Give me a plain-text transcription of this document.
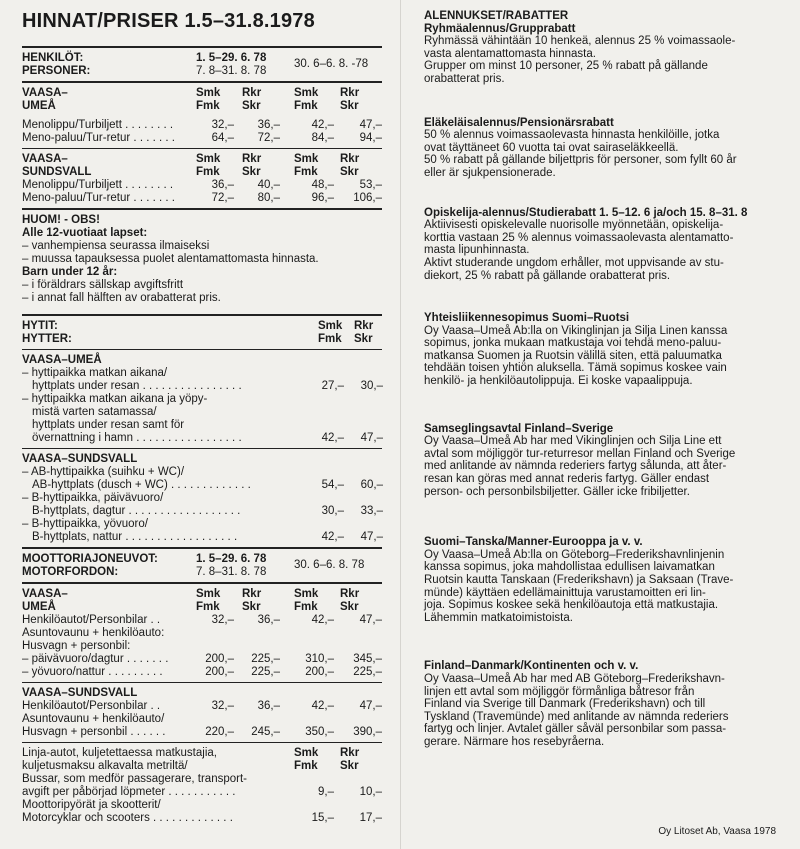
HINNAT/PRISER 1.5–31.8.1978
HENKILÖT:	1. 5–29. 6. 78 30. 6–6. 8. -78
PERSONER:	7. 8–31. 8. 78
VAASA–	Smk Rkr	Smk Rkr
UMEÅ	Fmk Skr	Fmk Skr
Menolippu/Turbiljett . . . . . . . .	32,–	36,–	42,–	47,–
Meno-paluu/Tur-retur . . . . . . .	64,–	72,–	84,–	94,–
VAASA–	Smk Rkr	Smk Rkr
SUNDSVALL	Fmk Skr	Fmk Skr
Menolippu/Turbiljett . . . . . . . .	36,–	40,–	48,–	53,–
Meno-paluu/Tur-retur . . . . . . .	72,–	80,–	96,–	106,–
HUOM! - OBS!
Alle 12-vuotiaat lapset:
– vanhempiensa seurassa ilmaiseksi
– muussa tapauksessa puolet alentamattomasta hinnasta.
Barn under 12 år:
– i föräldrars sällskap avgiftsfritt
– i annat fall hälften av orabatterat pris.
HYTIT:	Smk Rkr
HYTTER:	Fmk Skr
VAASA–UMEÅ
– hyttipaikka matkan aikana/
hyttplats under resan . . . . . . . . . . . . . . . .	27,–	30,–
– hyttipaikka matkan aikana ja yöpy-
mistä varten satamassa/
hyttplats under resan samt för
övernattning i hamn . . . . . . . . . . . . . . . . .	42,–	47,–
VAASA–SUNDSVALL
– AB-hyttipaikka (suihku + WC)/
AB-hyttplats (dusch + WC) . . . . . . . . . . . . .	54,–	60,–
– B-hyttipaikka, päivävuoro/
B-hyttplats, dagtur . . . . . . . . . . . . . . . . . .	30,–	33,–
– B-hyttipaikka, yövuoro/
B-hyttplats, nattur . . . . . . . . . . . . . . . . . .	42,–	47,–
MOOTTORIAJONEUVOT:	1. 5–29. 6. 78 30. 6–6. 8. 78
MOTORFORDON:	7. 8–31. 8. 78
VAASA–	Smk Rkr	Smk Rkr
UMEÅ	Fmk Skr	Fmk Skr
Henkilöautot/Personbilar . .	32,–	36,–	42,–	47,–
Asuntovaunu + henkilöauto:
Husvagn + personbil:
– päivävuoro/dagtur . . . . . . .	200,–	225,–	310,–	345,–
– yövuoro/nattur . . . . . . . . .	200,–	225,–	200,–	225,–
VAASA–SUNDSVALL
Henkilöautot/Personbilar . .	32,–	36,–	42,–	47,–
Asuntovaunu + henkilöauto/
Husvagn + personbil . . . . . .	220,–	245,–	350,–	390,–
Linja-autot, kuljetettaessa matkustajia,	Smk Rkr
kuljetusmaksu alkavalta metriltä/	Fmk Skr
Bussar, som medför passagerare, transport-
avgift per påbörjad löpmeter . . . . . . . . . . .	9,–	10,–
Moottoripyörät ja skootterit/
Motorcyklar och scooters . . . . . . . . . . . . .	15,–	17,–
ALENNUKSET/RABATTER
Ryhmäalennus/Grupprabatt
Ryhmässä vähintään 10 henkeä, alennus 25 % voimassaole-
vasta alentamattomasta hinnasta.
Grupper om minst 10 personer, 25 % rabatt på gällande
orabatterat pris.
Eläkeläisalennus/Pensionärsrabatt
50 % alennus voimassaolevasta hinnasta henkilöille, jotka
ovat täyttäneet 60 vuotta tai ovat sairaseläkkeellä.
50 % rabatt på gällande biljettpris för personer, som fyllt 60 år
eller är sjukpensionerade.
Opiskelija-alennus/Studierabatt 1. 5–12. 6 ja/och 15. 8–31. 8
Aktiivisesti opiskelevalle nuorisolle myönnetään, opiskelija-
korttia vastaan 25 % alennus voimassaolevasta alentamatto-
masta lipunhinnasta.
Aktivt studerande ungdom erhåller, mot uppvisande av stu-
diekort, 25 % rabatt på gällande orabatterat pris.
Yhteisliikennesopimus Suomi–Ruotsi
Oy Vaasa–Umeå Ab:lla on Vikinglinjan ja Silja Linen kanssa
sopimus, jonka mukaan matkustaja voi tehdä meno-paluu-
matkansa Suomen ja Ruotsin välillä siten, että paluumatka
tehdään toisen yhtiön aluksella. Tämä sopimus koskee vain
henkilö- ja henkilöautolippuja. Ei koske vapaalippuja.
Samseglingsavtal Finland–Sverige
Oy Vaasa–Umeå Ab har med Vikinglinjen och Silja Line ett
avtal som möjliggör tur-returresor mellan Finland och Sverige
med anlitande av nämnda rederiers fartyg sålunda, att åter-
resan kan göras med annat rederis fartyg. Gäller endast
person- och personbilsbiljetter. Gäller icke fribiljetter.
Suomi–Tanska/Manner-Eurooppa ja v. v.
Oy Vaasa–Umeå Ab:lla on Göteborg–Frederikshavnlinjenin
kanssa sopimus, joka mahdollistaa edullisen laivamatkan
Ruotsin kautta Tanskaan (Frederikshavn) ja Saksaan (Trave-
münde) käyttäen edellämainittuja varustamoitten eri lin-
joja. Sopimus koskee sekä henkilöautoja että matkustajia.
Lähemmin matkatoimistoista.
Finland–Danmark/Kontinenten och v. v.
Oy Vaasa–Umeå Ab har med AB Göteborg–Frederikshavn-
linjen ett avtal som möjliggör förmånliga båtresor från
Finland via Sverige till Danmark (Frederikshavn) och till
Tyskland (Travemünde) med anlitande av nämnda rederiers
fartyg och linjer. Avtalet gäller såväl personbilar som passa-
gerare. Närmare hos resebyråerna.
Oy Litoset Ab, Vaasa 1978
